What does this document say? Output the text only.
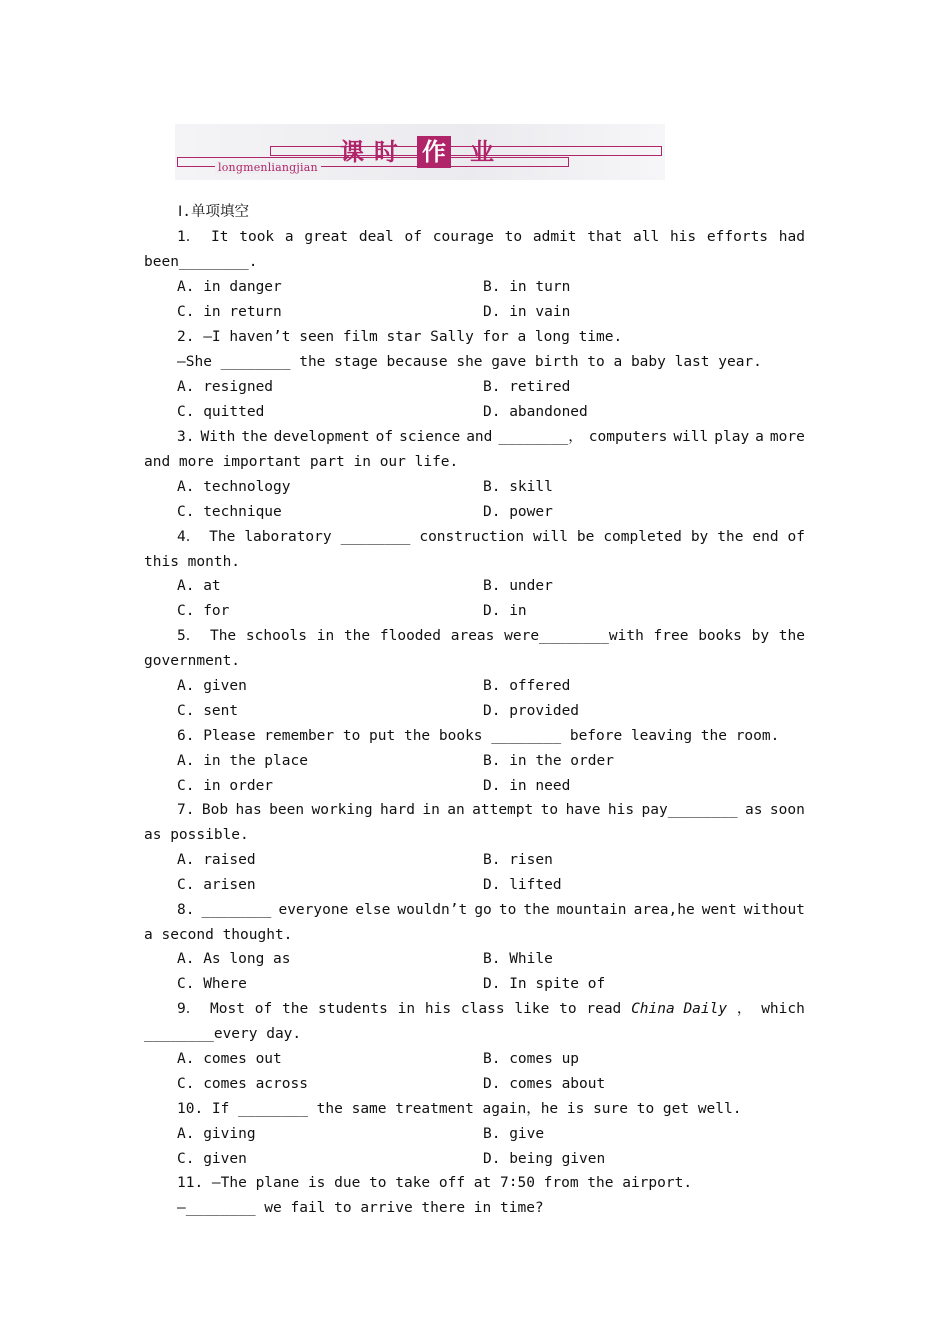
longmenliangjian
课 时 作 业
Ⅰ.单项填空
1． It took a great deal of courage to admit that all his efforts had
been________.
A. in danger	B. in turn
C. in return	D. in vain
2. —I haven’t seen film star Sally for a long time.
—She ________ the stage because she gave birth to a baby last year.
A. resigned	B. retired
C. quitted	D. abandoned
3. With the development of science and ________， computers will play a more
and more important part in our life.
A. technology	B. skill
C. technique	D. power
4． The laboratory ________ construction will be completed by the end of
this month.
A. at	B. under
C. for	D. in
5． The schools in the flooded areas were________with free books by the
government.
A. given	B. offered
C. sent	D. provided
6. Please remember to put the books ________ before leaving the room.
A. in the place	B. in the order
C. in order	D. in need
7. Bob has been working hard in an attempt to have his pay________ as soon
as possible.
A. raised	B. risen
C. arisen	D. lifted
8. ________ everyone else wouldn’t go to the mountain area,he went without
a second thought.
A. As long as	B. While
C. Where	D. In spite of
9． Most of the students in his class like to read China Daily ， which
________every day.
A. comes out	B. comes up
C. comes across	D. comes about
10. If ________ the same treatment again，he is sure to get well.
A. giving	B. give
C. given	D. being given
11. —The plane is due to take off at 7∶50 from the airport.
—________ we fail to arrive there in time?
